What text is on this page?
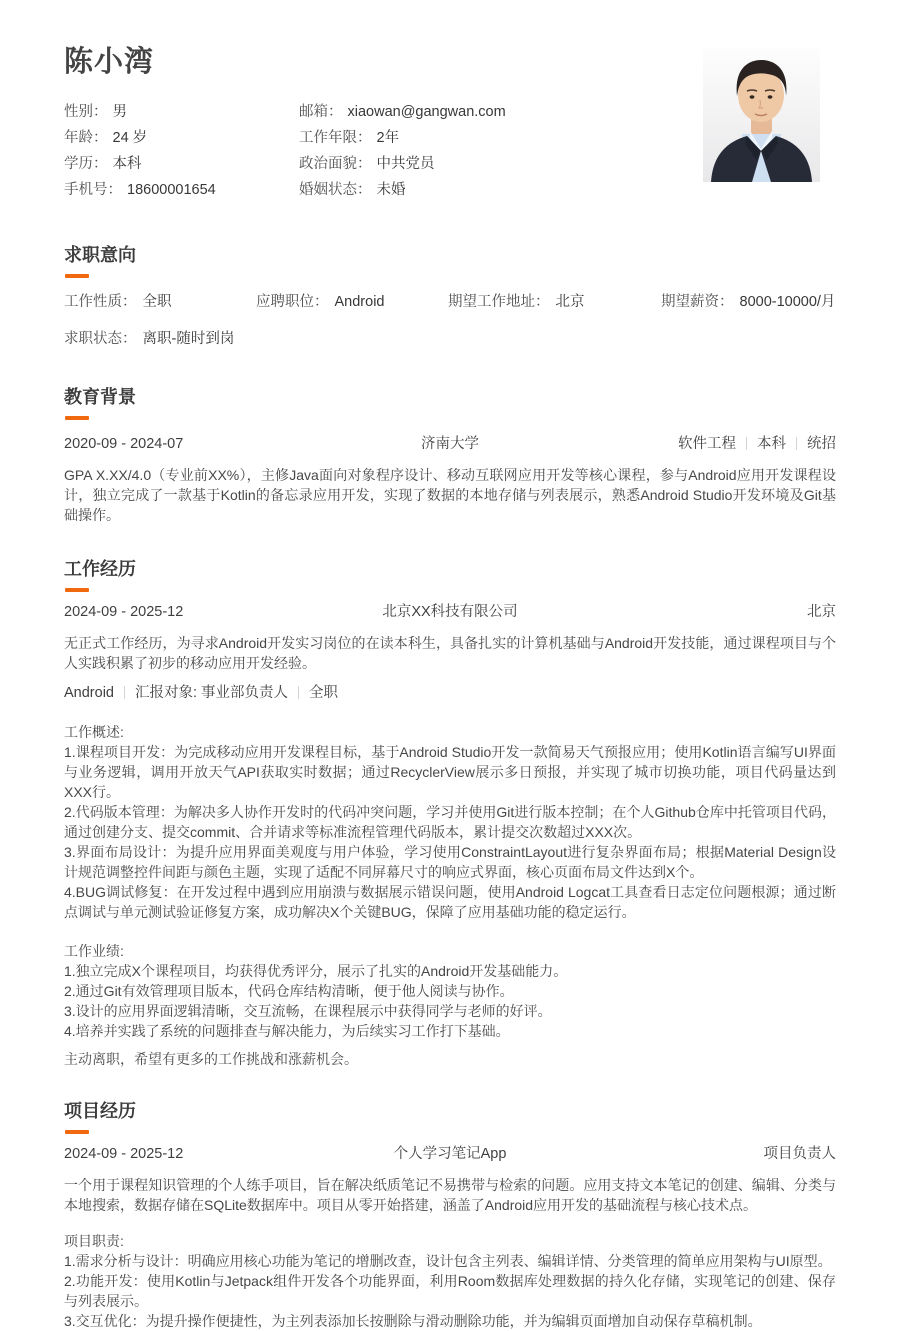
陈小湾
性别： 男	邮箱： xiaowan@gangwan.com
年龄： 24 岁	工作年限： 2年
学历： 本科	政治面貌： 中共党员
手机号： 18600001654	婚姻状态： 未婚
求职意向
工作性质： 全职	应聘职位： Android	期望工作地址： 北京	期望薪资： 8000-10000/月
求职状态： 离职-随时到岗
教育背景
2020-09 - 2024-07	济南大学	软件工程 本科 统招

GPA X.XX/4.0（专业前XX%），主修Java面向对象程序设计、移动互联网应用开发等核心课程，参与Android应用开发课程设计，独立完成了一款基于Kotlin的备忘录应用开发，实现了数据的本地存储与列表展示，熟悉Android Studio开发环境及Git基础操作。

工作经历
2024-09 - 2025-12	北京XX科技有限公司	北京

无正式工作经历，为寻求Android开发实习岗位的在读本科生，具备扎实的计算机基础与Android开发技能，通过课程项目与个人实践积累了初步的移动应用开发经验。

Android 汇报对象: 事业部负责人 全职
工作概述:
1.课程项目开发：为完成移动应用开发课程目标，基于Android Studio开发一款简易天气预报应用；使用Kotlin语言编写UI界面与业务逻辑，调用开放天气API获取实时数据；通过RecyclerView展示多日预报，并实现了城市切换功能，项目代码量达到XXX行。
2.代码版本管理：为解决多人协作开发时的代码冲突问题，学习并使用Git进行版本控制；在个人Github仓库中托管项目代码，通过创建分支、提交commit、合并请求等标准流程管理代码版本，累计提交次数超过XXX次。
3.界面布局设计：为提升应用界面美观度与用户体验，学习使用ConstraintLayout进行复杂界面布局；根据Material Design设计规范调整控件间距与颜色主题，实现了适配不同屏幕尺寸的响应式界面，核心页面布局文件达到X个。
4.BUG调试修复：在开发过程中遇到应用崩溃与数据展示错误问题，使用Android Logcat工具查看日志定位问题根源；通过断点调试与单元测试验证修复方案，成功解决X个关键BUG，保障了应用基础功能的稳定运行。
工作业绩:
1.独立完成X个课程项目，均获得优秀评分，展示了扎实的Android开发基础能力。
2.通过Git有效管理项目版本，代码仓库结构清晰，便于他人阅读与协作。
3.设计的应用界面逻辑清晰，交互流畅，在课程展示中获得同学与老师的好评。
4.培养并实践了系统的问题排查与解决能力，为后续实习工作打下基础。
主动离职，希望有更多的工作挑战和涨薪机会。
项目经历
2024-09 - 2025-12	个人学习笔记App	项目负责人

一个用于课程知识管理的个人练手项目，旨在解决纸质笔记不易携带与检索的问题。应用支持文本笔记的创建、编辑、分类与本地搜索，数据存储在SQLite数据库中。项目从零开始搭建，涵盖了Android应用开发的基础流程与核心技术点。

项目职责:
1.需求分析与设计：明确应用核心功能为笔记的增删改查，设计包含主列表、编辑详情、分类管理的简单应用架构与UI原型。
2.功能开发：使用Kotlin与Jetpack组件开发各个功能界面，利用Room数据库处理数据的持久化存储，实现笔记的创建、保存与列表展示。
3.交互优化：为提升操作便捷性，为主列表添加长按删除与滑动删除功能，并为编辑页面增加自动保存草稿机制。
